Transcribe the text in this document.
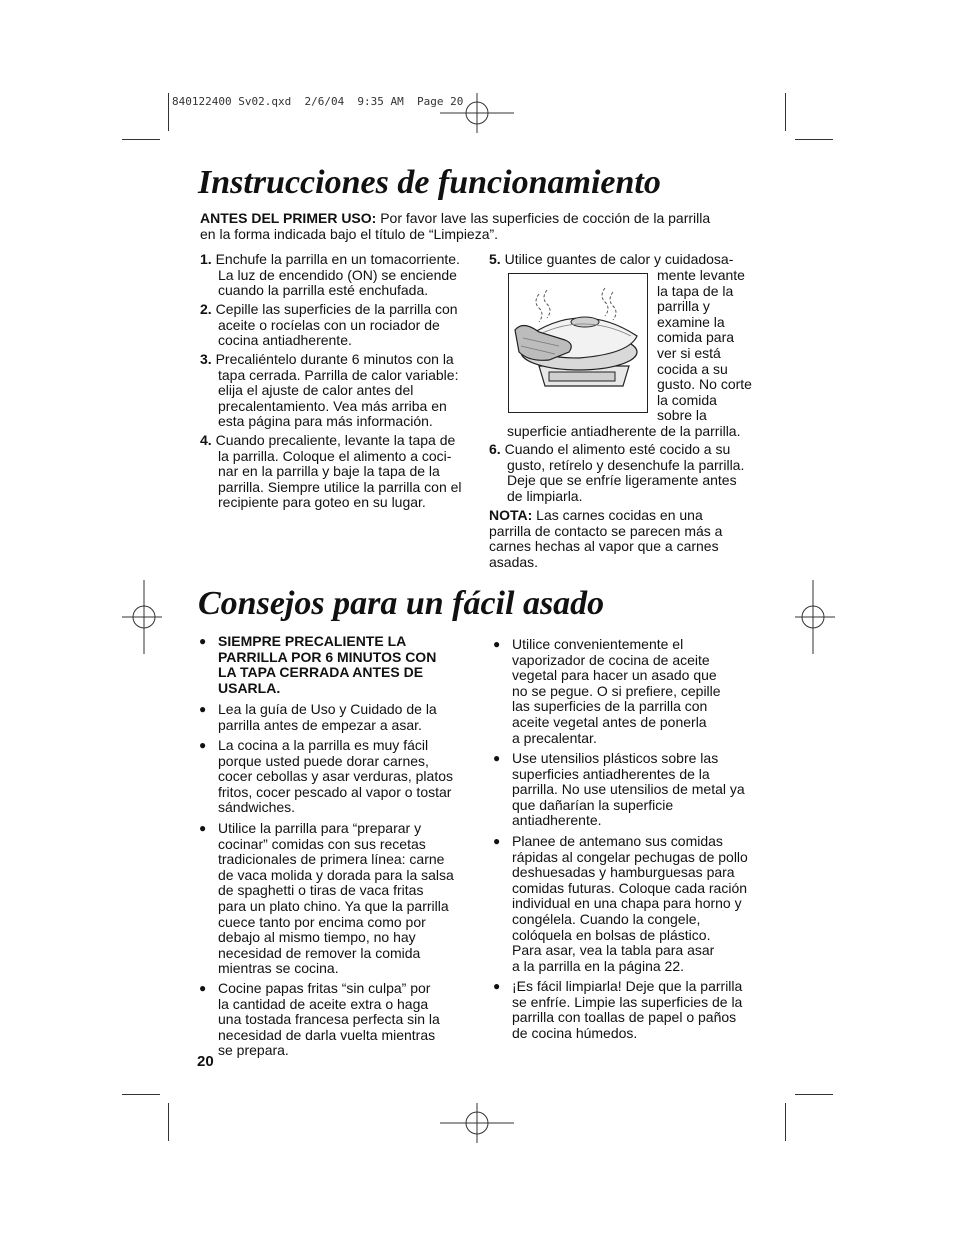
840122400 Sv02.qxd  2/6/04  9:35 AM  Page 20
Instrucciones de funcionamiento

ANTES DEL PRIMER USO: Por favor lave las superficies de cocción de la parrilla

en la forma indicada bajo el título de “Limpieza”.

1. Enchufe la parrilla en un tomacorriente.
La luz de encendido (ON) se enciende
cuando la parrilla esté enchufada.
2. Cepille las superficies de la parrilla con
aceite o rocíelas con un rociador de
cocina antiadherente.
3. Precaliéntelo durante 6 minutos con la
tapa cerrada. Parrilla de calor variable:
elija el ajuste de calor antes del
precalentamiento. Vea más arriba en
esta página para más información.
4. Cuando precaliente, levante la tapa de
la parrilla. Coloque el alimento a coci-
nar en la parrilla y baje la tapa de la
parrilla. Siempre utilice la parrilla con el
recipiente para goteo en su lugar.
5. Utilice guantes de calor y cuidadosa-
mente levante
la tapa de la
parrilla y
examine la
comida para
ver si está
cocida a su
gusto. No corte
la comida
sobre la
superficie antiadherente de la parrilla.
6. Cuando el alimento esté cocido a su
gusto, retírelo y desenchufe la parrilla.
Deje que se enfríe ligeramente antes
de limpiarla.

NOTA: Las carnes cocidas en una

parrilla de contacto se parecen más a

carnes hechas al vapor que a carnes

asadas.

Consejos para un fácil asado
● SIEMPRE PRECALIENTE LA
PARRILLA POR 6 MINUTOS CON
LA TAPA CERRADA ANTES DE
USARLA.
● Lea la guía de Uso y Cuidado de la
parrilla antes de empezar a asar.
● La cocina a la parrilla es muy fácil
porque usted puede dorar carnes,
cocer cebollas y asar verduras, platos
fritos, cocer pescado al vapor o tostar
sándwiches.
● Utilice la parrilla para “preparar y
cocinar” comidas con sus recetas
tradicionales de primera línea: carne
de vaca molida y dorada para la salsa
de spaghetti o tiras de vaca fritas
para un plato chino. Ya que la parrilla
cuece tanto por encima como por
debajo al mismo tiempo, no hay
necesidad de remover la comida
mientras se cocina.
● Cocine papas fritas “sin culpa” por
la cantidad de aceite extra o haga
una tostada francesa perfecta sin la
necesidad de darla vuelta mientras
se prepara.
● Utilice convenientemente el
vaporizador de cocina de aceite
vegetal para hacer un asado que
no se pegue. O si prefiere, cepille
las superficies de la parrilla con
aceite vegetal antes de ponerla
a precalentar.
● Use utensilios plásticos sobre las
superficies antiadherentes de la
parrilla. No use utensilios de metal ya
que dañarían la superficie
antiadherente.
● Planee de antemano sus comidas
rápidas al congelar pechugas de pollo
deshuesadas y hamburguesas para
comidas futuras. Coloque cada ración
individual en una chapa para horno y
congélela. Cuando la congele,
colóquela en bolsas de plástico.
Para asar, vea la tabla para asar
a la parrilla en la página 22.
● ¡Es fácil limpiarla! Deje que la parrilla
se enfríe. Limpie las superficies de la
parrilla con toallas de papel o paños
de cocina húmedos.
20
